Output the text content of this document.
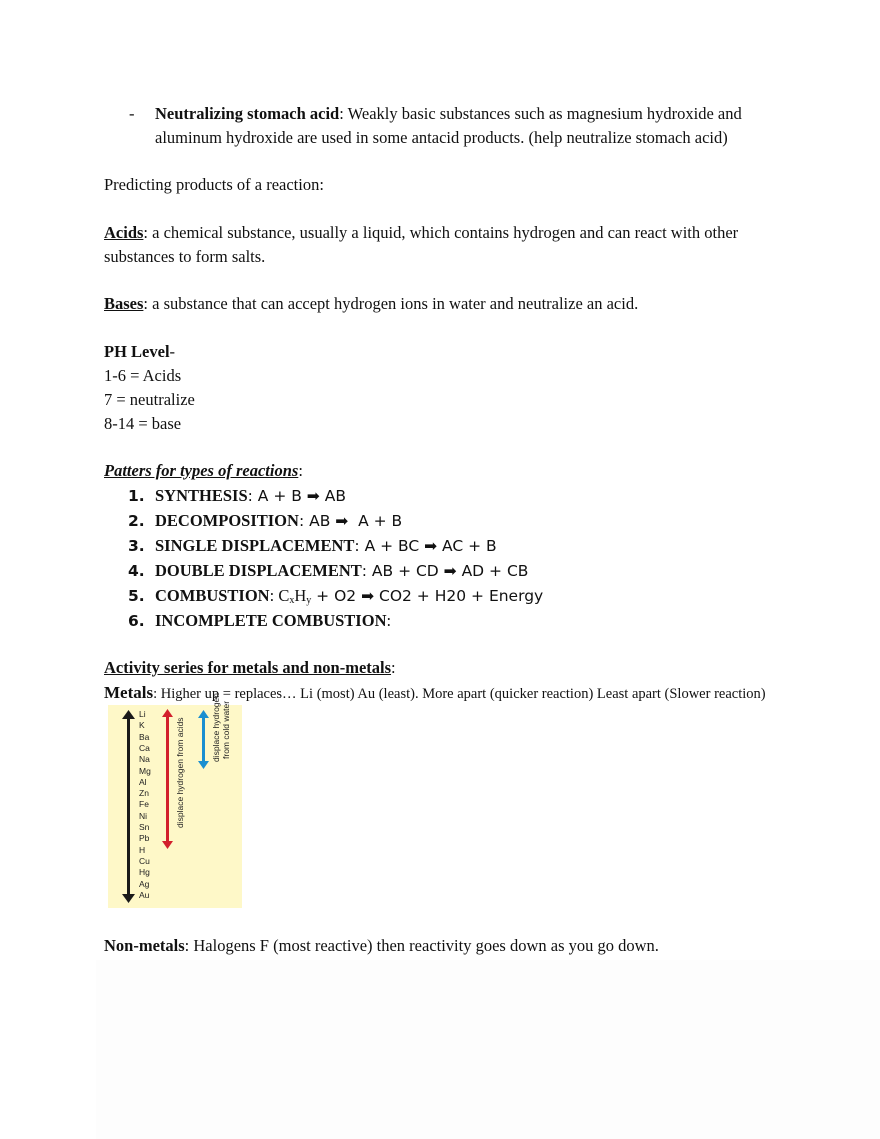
- Neutralizing stomach acid: Weakly basic substances such as magnesium hydroxide and
aluminum hydroxide are used in some antacid products. (help neutralize stomach acid)
Predicting products of a reaction:
Acids: a chemical substance, usually a liquid, which contains hydrogen and can react with other
substances to form salts.
Bases: a substance that can accept hydrogen ions in water and neutralize an acid.
PH Level-
1-6 = Acids
7 = neutralize
8-14 = base
Patters for types of reactions:
1. SYNTHESIS: A + B ➡ AB
2. DECOMPOSITION: AB ➡  A + B
3. SINGLE DISPLACEMENT: A + BC ➡ AC + B
4. DOUBLE DISPLACEMENT: AB + CD ➡ AD + CB
5. COMBUSTION: $C_xH_y + O2$ ➡ CO2 + H20 + Energy
6. INCOMPLETE COMBUSTION:
Activity series for metals and non-metals:
Metals: Higher up = replaces… Li (most) Au (least). More apart (quicker reaction) Least apart (Slower reaction)
Li
K
Ba
Ca
Na
Mg
Al
Zn
Fe
Ni
Sn
Pb
H
Cu
Hg
Ag
Au
displace hydrogen from acids	displace hydrogen from cold water
Non-metals: Halogens F (most reactive) then reactivity goes down as you go down.
